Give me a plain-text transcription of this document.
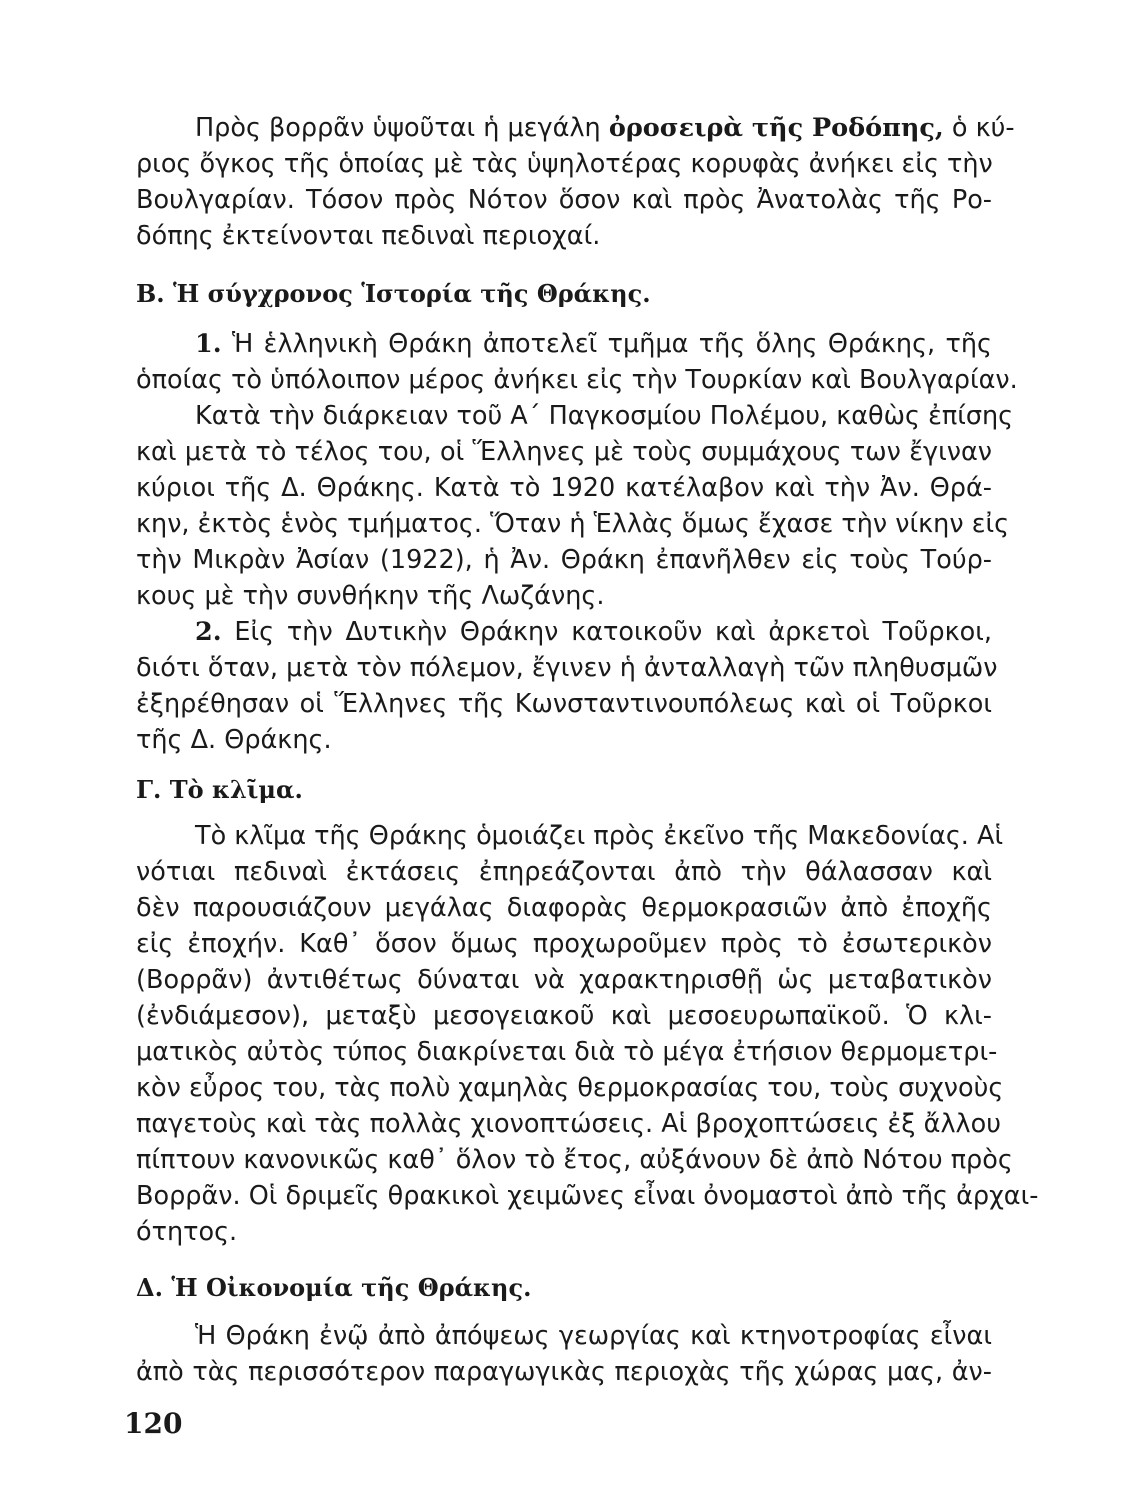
Πρὸς βορρᾶν ὑψοῦται ἡ μεγάλη ὀροσειρὰ τῆς Ροδόπης, ὁ κύ-
ριος ὄγκος τῆς ὁποίας μὲ τὰς ὑψηλοτέρας κορυφὰς ἀνήκει εἰς τὴν
Βουλγαρίαν. Τόσον πρὸς Νότον ὅσον καὶ πρὸς Ἀνατολὰς τῆς Ρο-
δόπης ἐκτείνονται πεδιναὶ περιοχαί.
Β. Ἡ σύγχρονος Ἱστορία τῆς Θράκης.
1. Ἡ ἑλληνικὴ Θράκη ἀποτελεῖ τμῆμα τῆς ὅλης Θράκης, τῆς
ὁποίας τὸ ὑπόλοιπον μέρος ἀνήκει εἰς τὴν Τουρκίαν καὶ Βουλγαρίαν.
Κατὰ τὴν διάρκειαν τοῦ Α΄ Παγκοσμίου Πολέμου, καθὼς ἐπίσης
καὶ μετὰ τὸ τέλος του, οἱ Ἕλληνες μὲ τοὺς συμμάχους των ἔγιναν
κύριοι τῆς Δ. Θράκης. Κατὰ τὸ 1920 κατέλαβον καὶ τὴν Ἀν. Θρά-
κην, ἐκτὸς ἑνὸς τμήματος. Ὅταν ἡ Ἑλλὰς ὅμως ἔχασε τὴν νίκην εἰς
τὴν Μικρὰν Ἀσίαν (1922), ἡ Ἀν. Θράκη ἐπανῆλθεν εἰς τοὺς Τούρ-
κους μὲ τὴν συνθήκην τῆς Λωζάνης.
2. Εἰς τὴν Δυτικὴν Θράκην κατοικοῦν καὶ ἀρκετοὶ Τοῦρκοι,
διότι ὅταν, μετὰ τὸν πόλεμον, ἔγινεν ἡ ἀνταλλαγὴ τῶν πληθυσμῶν
ἐξηρέθησαν οἱ Ἕλληνες τῆς Κωνσταντινουπόλεως καὶ οἱ Τοῦρκοι
τῆς Δ. Θράκης.
Γ. Τὸ κλῖμα.
Τὸ κλῖμα τῆς Θράκης ὁμοιάζει πρὸς ἐκεῖνο τῆς Μακεδονίας. Αἱ
νότιαι πεδιναὶ ἐκτάσεις ἐπηρεάζονται ἀπὸ τὴν θάλασσαν καὶ
δὲν παρουσιάζουν μεγάλας διαφορὰς θερμοκρασιῶν ἀπὸ ἐποχῆς
εἰς ἐποχήν. Καθ᾽ ὅσον ὅμως προχωροῦμεν πρὸς τὸ ἐσωτερικὸν
(Βορρᾶν) ἀντιθέτως δύναται νὰ χαρακτηρισθῇ ὡς μεταβατικὸν
(ἐνδιάμεσον), μεταξὺ μεσογειακοῦ καὶ μεσοευρωπαϊκοῦ. Ὁ κλι-
ματικὸς αὐτὸς τύπος διακρίνεται διὰ τὸ μέγα ἐτήσιον θερμομετρι-
κὸν εὖρος του, τὰς πολὺ χαμηλὰς θερμοκρασίας του, τοὺς συχνοὺς
παγετοὺς καὶ τὰς πολλὰς χιονοπτώσεις. Αἱ βροχοπτώσεις ἐξ ἄλλου
πίπτουν κανονικῶς καθ᾽ ὅλον τὸ ἔτος, αὐξάνουν δὲ ἀπὸ Νότου πρὸς
Βορρᾶν. Οἱ δριμεῖς θρακικοὶ χειμῶνες εἶναι ὀνομαστοὶ ἀπὸ τῆς ἀρχαι-
ότητος.
Δ. Ἡ Οἰκονομία τῆς Θράκης.
Ἡ Θράκη ἐνῷ ἀπὸ ἀπόψεως γεωργίας καὶ κτηνοτροφίας εἶναι
ἀπὸ τὰς περισσότερον παραγωγικὰς περιοχὰς τῆς χώρας μας, ἀν-
120
